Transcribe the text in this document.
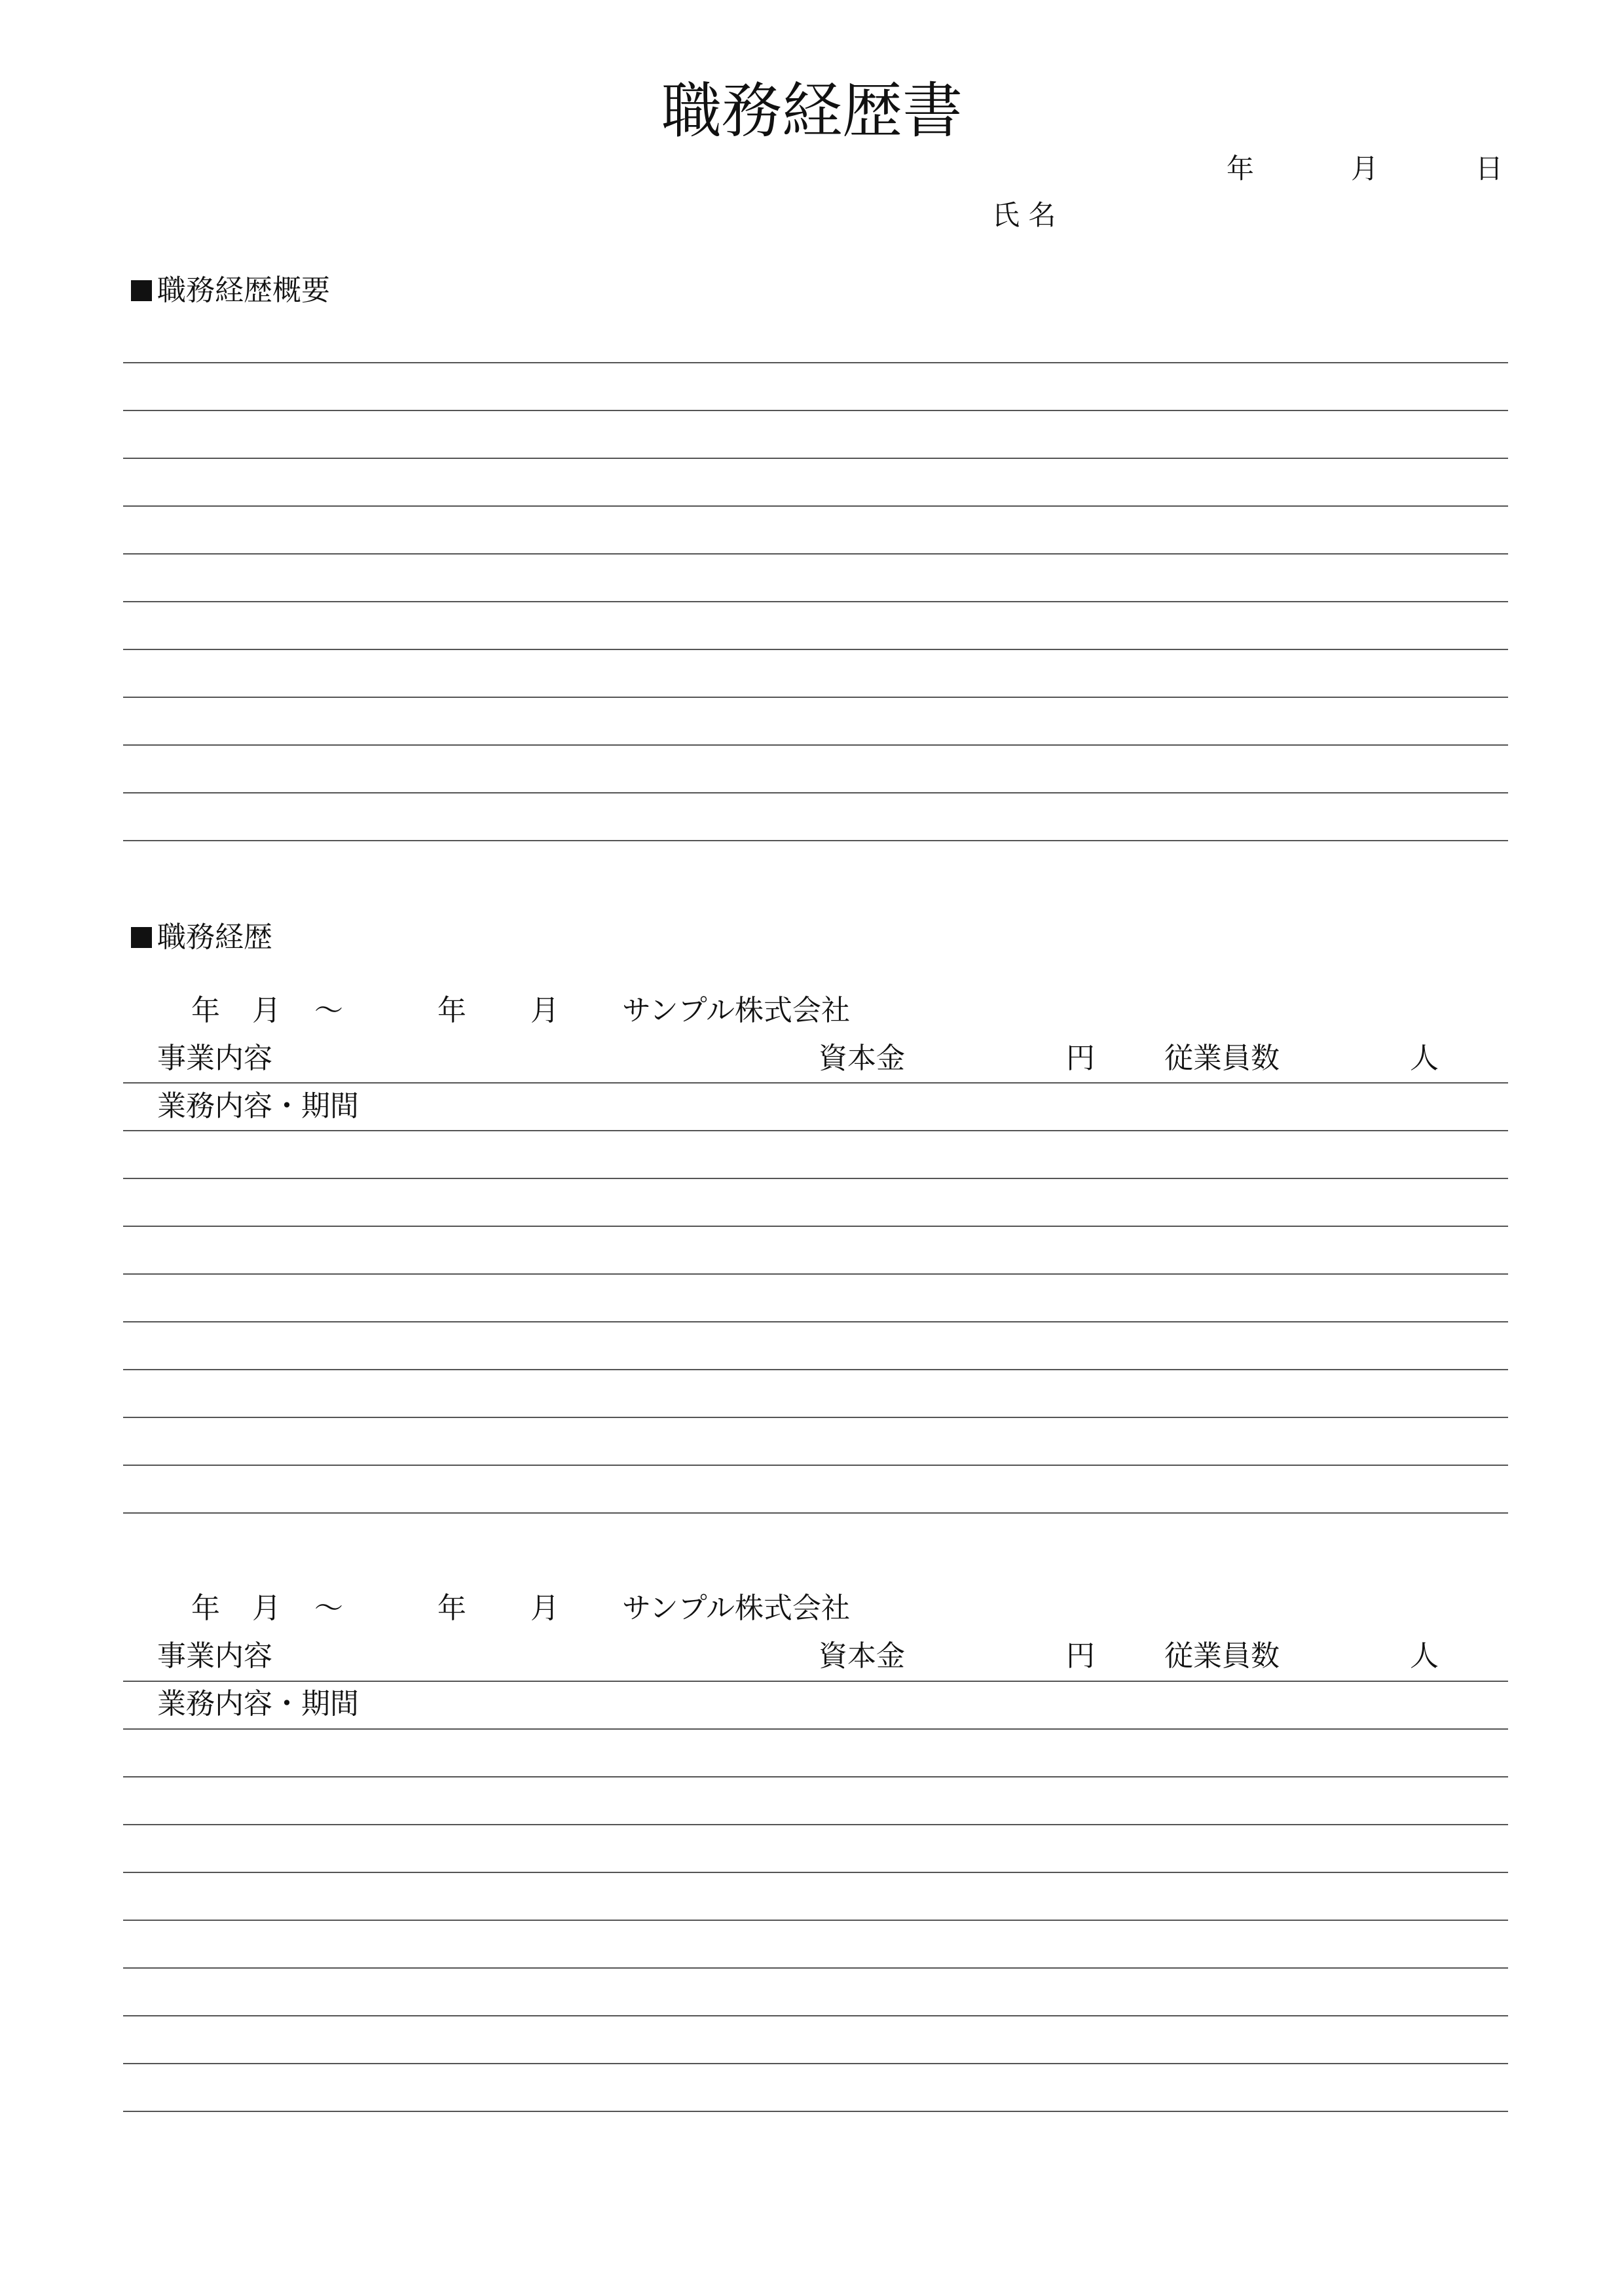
職務経歴書
年	月	日
氏 名
職務経歴概要
職務経歴
年 月 〜	年 月 サンプル株式会社
事業内容	資本金	円 従業員数	人
業務内容・期間
年 月 〜	年 月 サンプル株式会社
事業内容	資本金	円 従業員数	人
業務内容・期間
